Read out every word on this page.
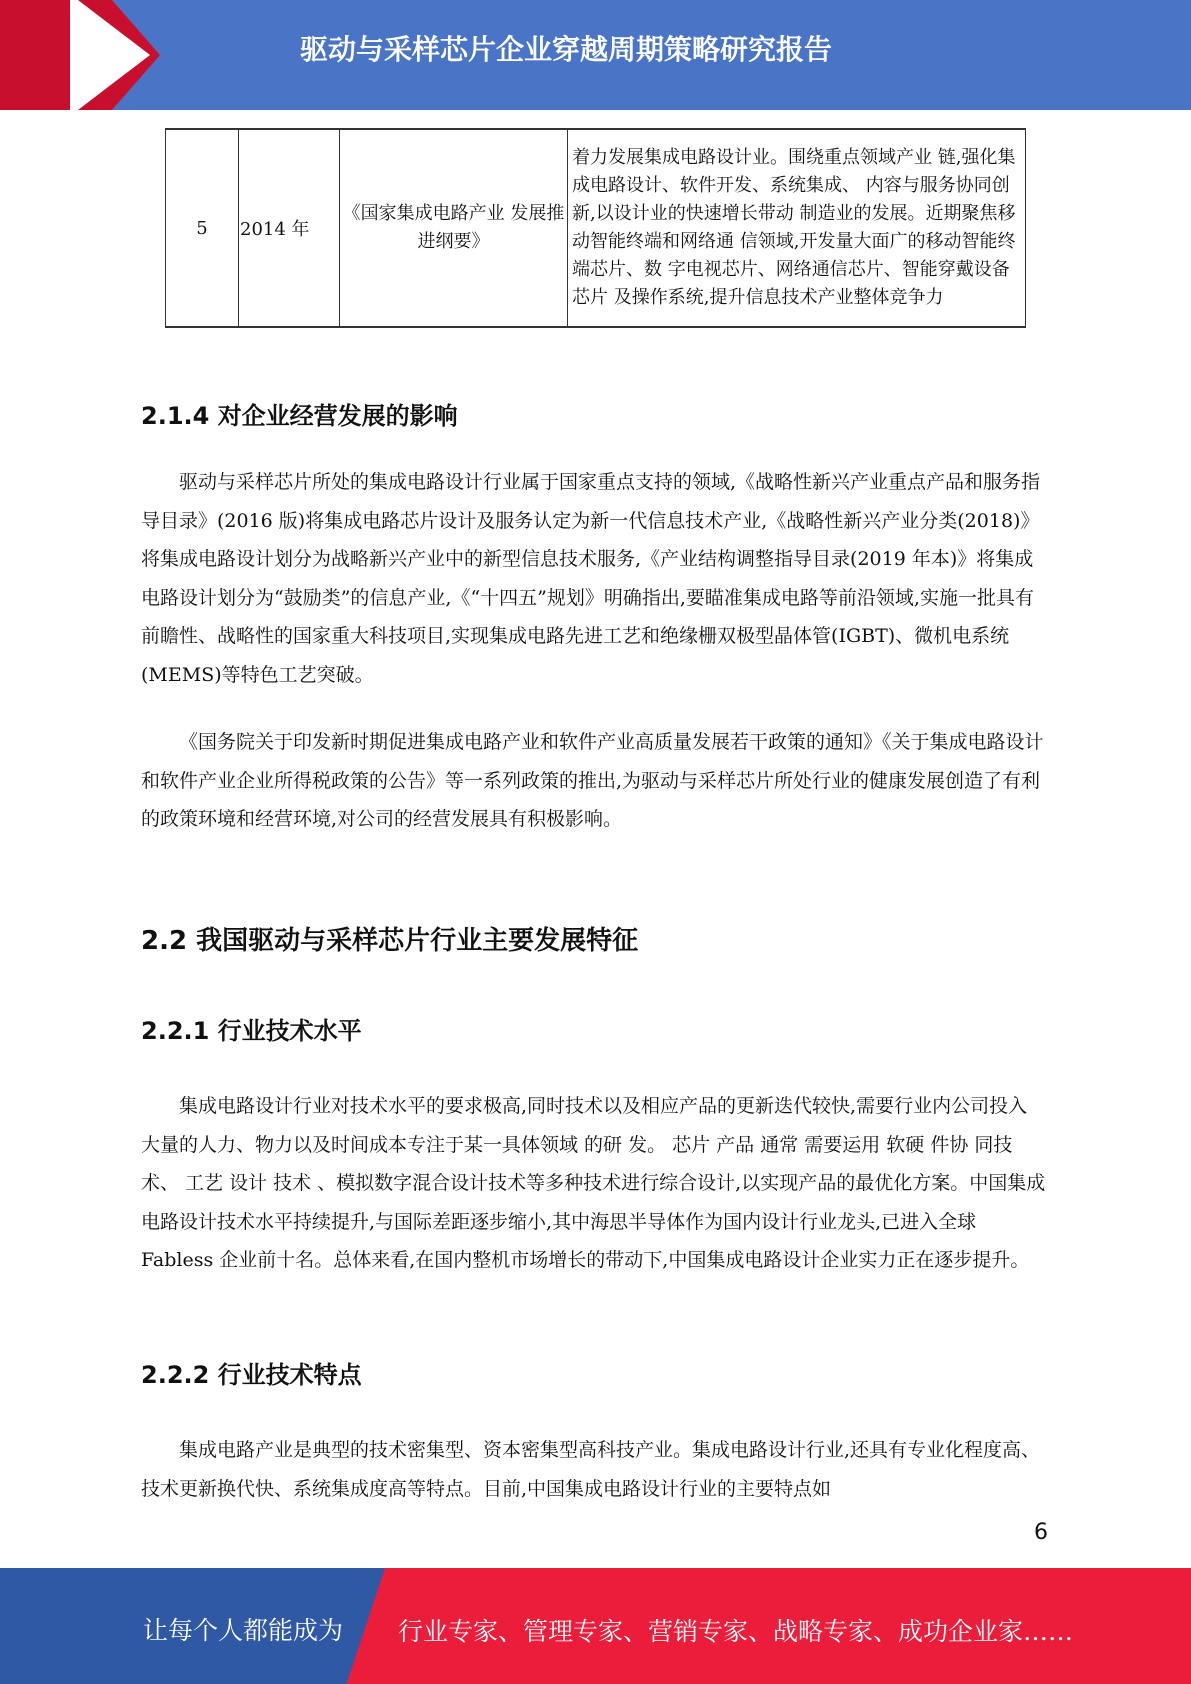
驱动与采样芯片企业穿越周期策略研究报告
5	2014 年	《国家集成电路产业 发展推进纲要》	着力发展集成电路设计业。围绕重点领域产业 链,强化集成电路设计、软件开发、系统集成、 内容与服务协同创新,以设计业的快速增长带动 制造业的发展。近期聚焦移动智能终端和网络通 信领域,开发量大面广的移动智能终端芯片、数 字电视芯片、网络通信芯片、智能穿戴设备芯片 及操作系统,提升信息技术产业整体竞争力
2.1.4 对企业经营发展的影响

驱动与采样芯片所处的集成电路设计行业属于国家重点支持的领域,《战略性新兴产业重点产品和服务指导目录》(2016 版)将集成电路芯片设计及服务认定为新一代信息技术产业,《战略性新兴产业分类(2018)》将集成电路设计划分为战略新兴产业中的新型信息技术服务,《产业结构调整指导目录(2019 年本)》将集成电路设计划分为“鼓励类”的信息产业,《“十四五”规划》明确指出,要瞄准集成电路等前沿领域,实施一批具有前瞻性、战略性的国家重大科技项目,实现集成电路先进工艺和绝缘栅双极型晶体管(IGBT)、微机电系统(MEMS)等特色工艺突破。

《国务院关于印发新时期促进集成电路产业和软件产业高质量发展若干政策的通知》《关于集成电路设计和软件产业企业所得税政策的公告》等一系列政策的推出,为驱动与采样芯片所处行业的健康发展创造了有利的政策环境和经营环境,对公司的经营发展具有积极影响。

2.2 我国驱动与采样芯片行业主要发展特征
2.2.1 行业技术水平

集成电路设计行业对技术水平的要求极高,同时技术以及相应产品的更新迭代较快,需要行业内公司投入大量的人力、物力以及时间成本专注于某一具体领域 的研 发。 芯片 产品 通常 需要运用 软硬 件协 同技 术、 工艺 设计 技术 、模拟数字混合设计技术等多种技术进行综合设计,以实现产品的最优化方案。中国集成电路设计技术水平持续提升,与国际差距逐步缩小,其中海思半导体作为国内设计行业龙头,已进入全球 Fabless 企业前十名。总体来看,在国内整机市场增长的带动下,中国集成电路设计企业实力正在逐步提升。

2.2.2 行业技术特点

集成电路产业是典型的技术密集型、资本密集型高科技产业。集成电路设计行业,还具有专业化程度高、技术更新换代快、系统集成度高等特点。目前,中国集成电路设计行业的主要特点如

6
让每个人都能成为 行业专家、管理专家、营销专家、战略专家、成功企业家……
